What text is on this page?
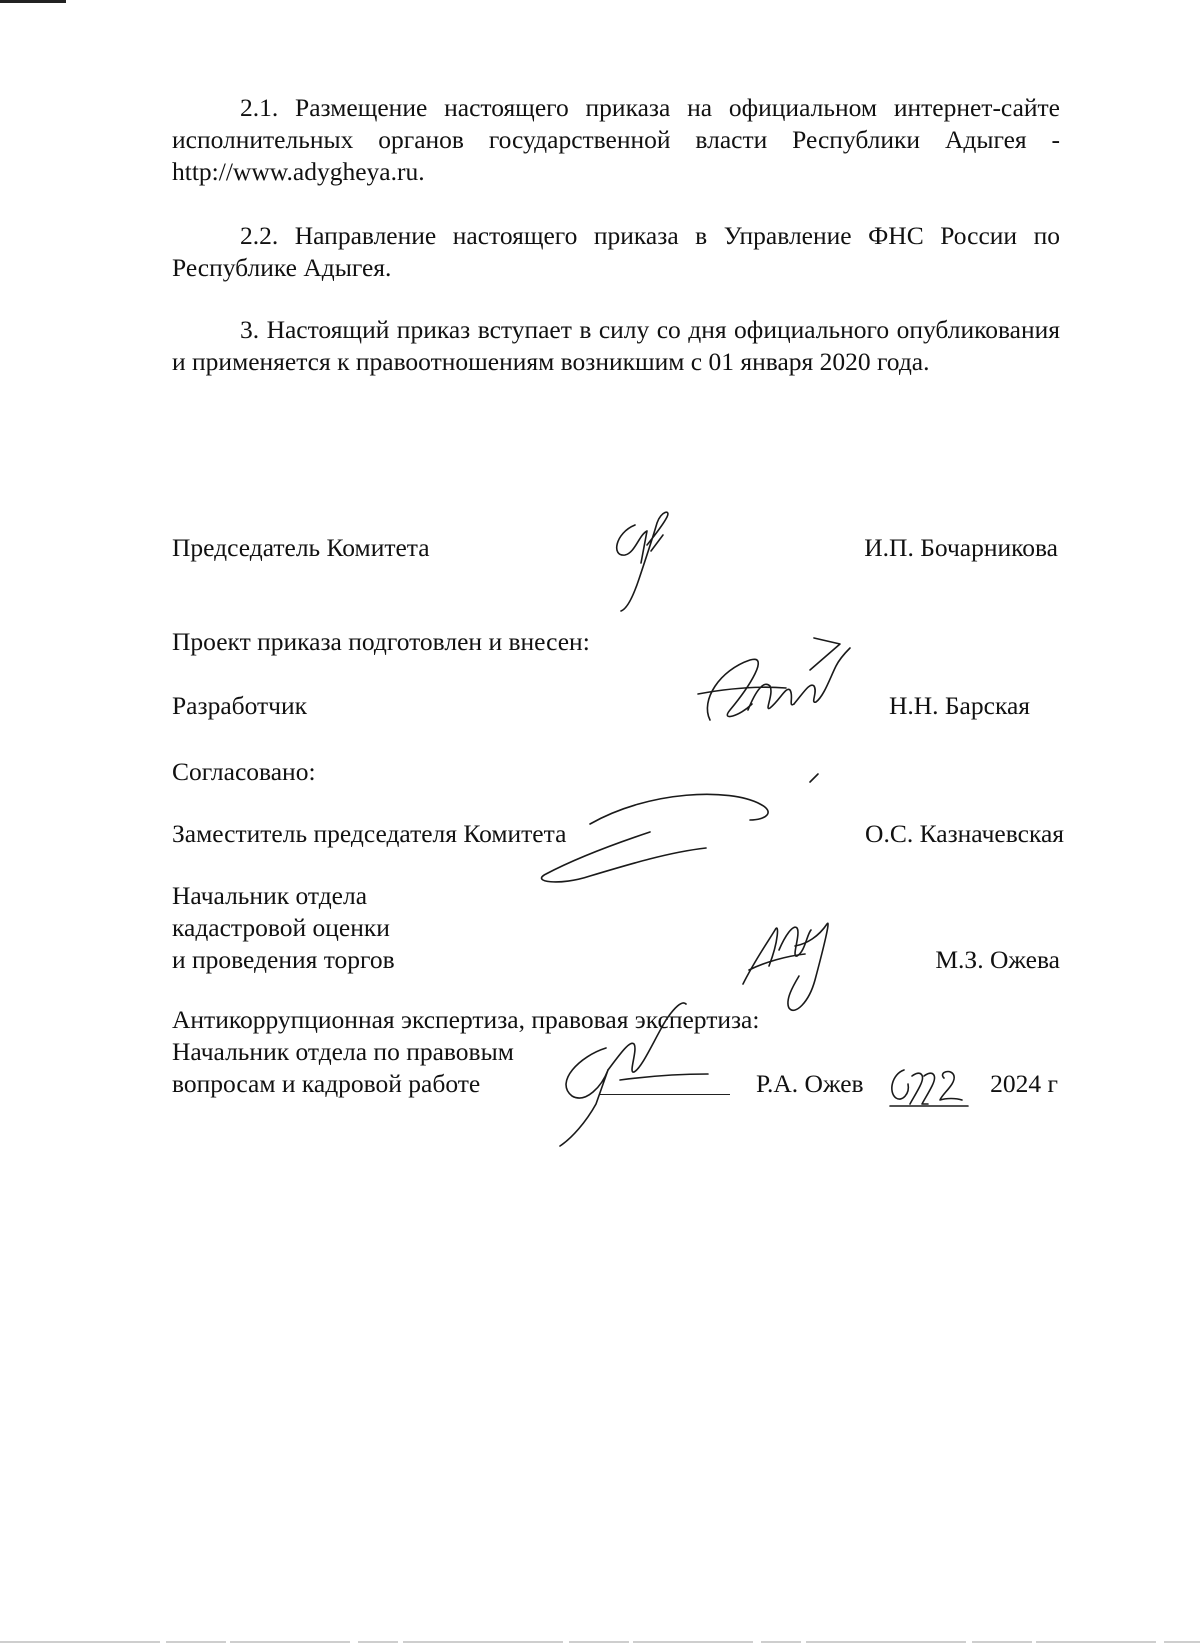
2.1. Размещение настоящего приказа на официальном интернет-сайте исполнительных органов государственной власти Республики Адыгея - http://www.adygheya.ru.
2.2. Направление настоящего приказа в Управление ФНС России по Республике Адыгея.
3. Настоящий приказ вступает в силу со дня официального опубликования и применяется к правоотношениям возникшим с 01 января 2020 года.
Председатель Комитета	И.П. Бочарникова
Проект приказа подготовлен и внесен:
Разработчик	Н.Н. Барская
Согласовано:
Заместитель председателя Комитета	О.С. Казначевская
Начальник отдела
кадастровой оценки
и проведения торгов	М.З. Ожева
Антикоррупционная экспертиза, правовая экспертиза:
Начальник отдела по правовым
вопросам и кадровой работе	Р.А. Ожев	2024 г
